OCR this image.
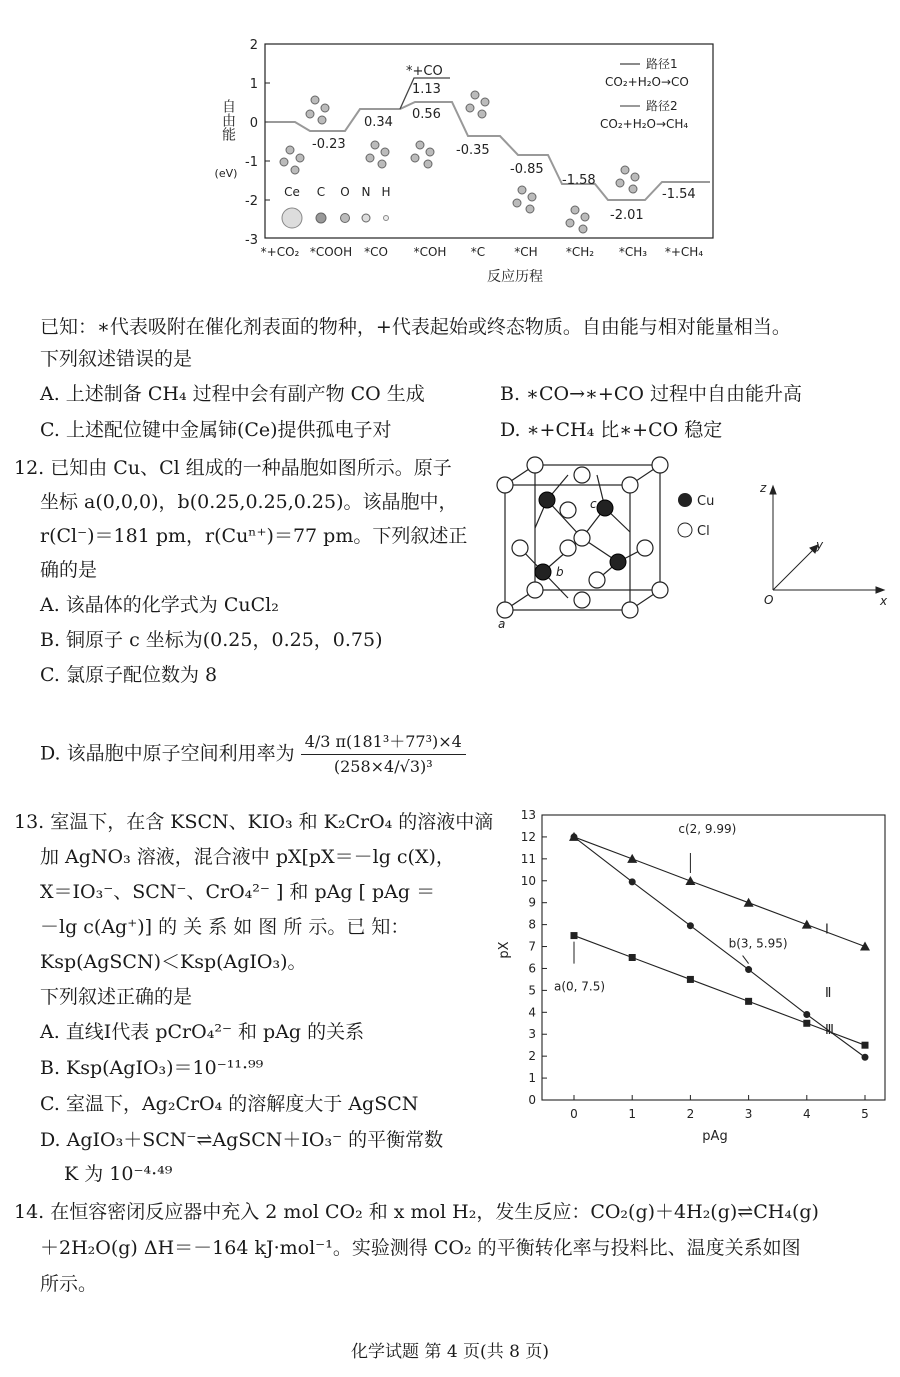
2
1
0
-1
-2
-3
自由能
(eV)
*+CO₂ *COOH *CO *COH *C *CH *CH₂ *CH₃ *+CH₄
反应历程
*+CO
1.13
0.56
0.34
-0.23	-0.35
-0.85
-1.58
-2.01
-1.54
路径1
CO₂+H₂O→CO
路径2
CO₂+H₂O→CH₄
Ce C O N H
已知：∗代表吸附在催化剂表面的物种，+代表起始或终态物质。自由能与相对能量相当。
下列叙述错误的是
A. 上述制备 CH₄ 过程中会有副产物 CO 生成	B. ∗CO→∗+CO 过程中自由能升高
C. 上述配位键中金属铈(Ce)提供孤电子对	D. ∗+CH₄ 比∗+CO 稳定
12. 已知由 Cu、Cl 组成的一种晶胞如图所示。原子
坐标 a(0,0,0)，b(0.25,0.25,0.25)。该晶胞中，
r(Cl⁻)＝181 pm，r(Cuⁿ⁺)＝77 pm。下列叙述正
确的是
A. 该晶体的化学式为 CuCl₂
B. 铜原子 c 坐标为(0.25，0.25，0.75)
C. 氯原子配位数为 8
D. 该晶胞中原子空间利用率为 $\frac{\text{4/3 π(181³＋77³)×4}}{\text{(258×4/√3)³}}$
a
b
c	Cu
Cl
z
y
x
O
13. 室温下，在含 KSCN、KIO₃ 和 K₂CrO₄ 的溶液中滴
加 AgNO₃ 溶液，混合液中 pX[pX＝－lg c(X)，
X＝IO₃⁻、SCN⁻、CrO₄²⁻ ] 和 pAg [ pAg ＝
－lg c(Ag⁺)] 的 关 系 如 图 所 示。已 知：
Ksp(AgSCN)＜Ksp(AgIO₃)。
下列叙述正确的是
A. 直线Ⅰ代表 pCrO₄²⁻ 和 pAg 的关系
B. Ksp(AgIO₃)＝10⁻¹¹·⁹⁹
C. 室温下，Ag₂CrO₄ 的溶解度大于 AgSCN
D. AgIO₃＋SCN⁻⇌AgSCN＋IO₃⁻ 的平衡常数
K 为 10⁻⁴·⁴⁹
0
1
2
3
4
5
6
7
8
9
10
11
12
13
0	1	2	3	4	5
Ⅰ
Ⅱ
Ⅲ
c(2, 9.99)
b(3, 5.95)
a(0, 7.5)
pAg
pX
14. 在恒容密闭反应器中充入 2 mol CO₂ 和 x mol H₂，发生反应：CO₂(g)＋4H₂(g)⇌CH₄(g)
＋2H₂O(g) ΔH＝－164 kJ·mol⁻¹。实验测得 CO₂ 的平衡转化率与投料比、温度关系如图
所示。
化学试题 第 4 页(共 8 页)
